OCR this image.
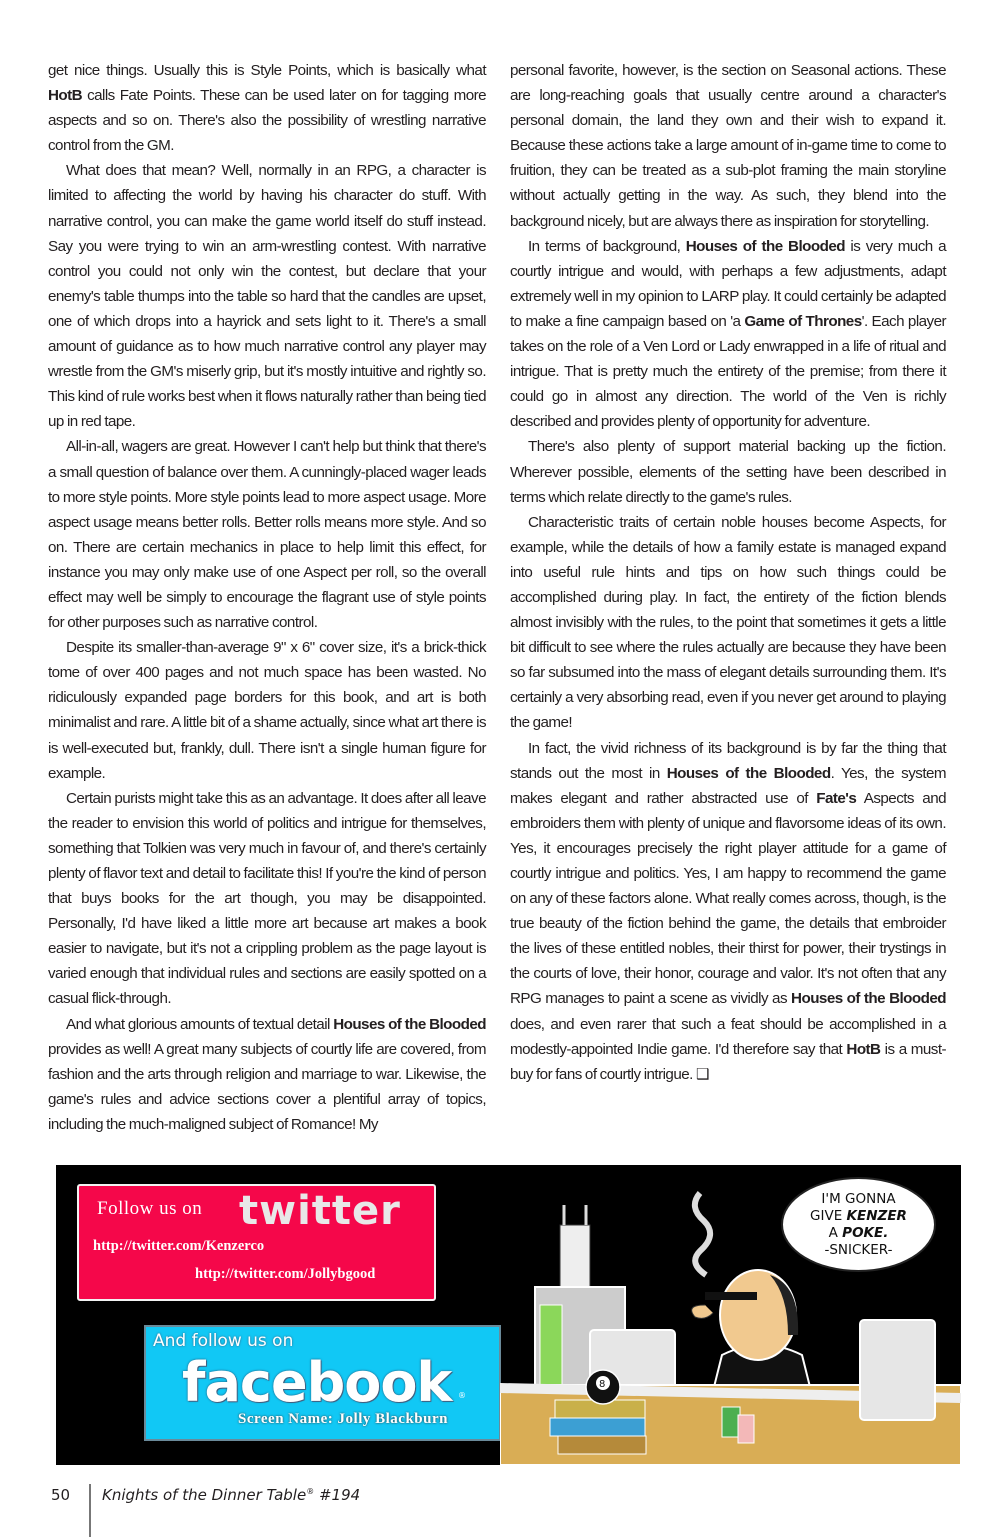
get nice things. Usually this is Style Points, which is basically what HotB calls Fate Points. These can be used later on for tagging more aspects and so on. There's also the possibility of wrestling narrative control from the GM.

What does that mean? Well, normally in an RPG, a character is limited to affecting the world by having his character do stuff. With narrative control, you can make the game world itself do stuff instead. Say you were trying to win an arm-wrestling contest. With narrative control you could not only win the contest, but declare that your enemy's table thumps into the table so hard that the candles are upset, one of which drops into a hayrick and sets light to it. There's a small amount of guidance as to how much narrative control any player may wrestle from the GM's miserly grip, but it's mostly intuitive and rightly so. This kind of rule works best when it flows naturally rather than being tied up in red tape.

All-in-all, wagers are great. However I can't help but think that there's a small question of balance over them. A cunningly-placed wager leads to more style points. More style points lead to more aspect usage. More aspect usage means better rolls. Better rolls means more style. And so on. There are certain mechanics in place to help limit this effect, for instance you may only make use of one Aspect per roll, so the overall effect may well be simply to encourage the flagrant use of style points for other purposes such as narrative control.

Despite its smaller-than-average 9" x 6" cover size, it's a brick-thick tome of over 400 pages and not much space has been wasted. No ridiculously expanded page borders for this book, and art is both minimalist and rare. A little bit of a shame actually, since what art there is is well-executed but, frankly, dull. There isn't a single human figure for example.

Certain purists might take this as an advantage. It does after all leave the reader to envision this world of politics and intrigue for themselves, something that Tolkien was very much in favour of, and there's certainly plenty of flavor text and detail to facilitate this! If you're the kind of person that buys books for the art though, you may be disappointed. Personally, I'd have liked a little more art because art makes a book easier to navigate, but it's not a crippling problem as the page layout is varied enough that individual rules and sections are easily spotted on a casual flick-through.

And what glorious amounts of textual detail Houses of the Blooded provides as well! A great many subjects of courtly life are covered, from fashion and the arts through religion and marriage to war. Likewise, the game's rules and advice sections cover a plentiful array of topics, including the much-maligned subject of Romance! My

personal favorite, however, is the section on Seasonal actions. These are long-reaching goals that usually centre around a character's personal domain, the land they own and their wish to expand it. Because these actions take a large amount of in-game time to come to fruition, they can be treated as a sub-plot framing the main storyline without actually getting in the way. As such, they blend into the background nicely, but are always there as inspiration for storytelling.

In terms of background, Houses of the Blooded is very much a courtly intrigue and would, with perhaps a few adjustments, adapt extremely well in my opinion to LARP play. It could certainly be adapted to make a fine campaign based on 'a Game of Thrones'. Each player takes on the role of a Ven Lord or Lady enwrapped in a life of ritual and intrigue. That is pretty much the entirety of the premise; from there it could go in almost any direction. The world of the Ven is richly described and provides plenty of opportunity for adventure.

There's also plenty of support material backing up the fiction. Wherever possible, elements of the setting have been described in terms which relate directly to the game's rules.

Characteristic traits of certain noble houses become Aspects, for example, while the details of how a family estate is managed expand into useful rule hints and tips on how such things could be accomplished during play. In fact, the entirety of the fiction blends almost invisibly with the rules, to the point that sometimes it gets a little bit difficult to see where the rules actually are because they have been so far subsumed into the mass of elegant details surrounding them. It's certainly a very absorbing read, even if you never get around to playing the game!

In fact, the vivid richness of its background is by far the thing that stands out the most in Houses of the Blooded. Yes, the system makes elegant and rather abstracted use of Fate's Aspects and embroiders them with plenty of unique and flavorsome ideas of its own. Yes, it encourages precisely the right player attitude for a game of courtly intrigue and politics. Yes, I am happy to recommend the game on any of these factors alone. What really comes across, though, is the true beauty of the fiction behind the game, the details that embroider the lives of these entitled nobles, their thirst for power, their trystings in the courts of love, their honor, courage and valor. It's not often that any RPG manages to paint a scene as vividly as Houses of the Blooded does, and even rarer that such a feat should be accomplished in a modestly-appointed Indie game. I'd therefore say that HotB is a must-buy for fans of courtly intrigue. ❑

Follow us on twitter
http://twitter.com/Kenzerco
http://twitter.com/Jollybgood
And follow us on
facebook ®
Screen Name: Jolly Blackburn
8
I'M GONNA
GIVE KENZER
A POKE.
-SNICKER-
50 Knights of the Dinner Table® #194
